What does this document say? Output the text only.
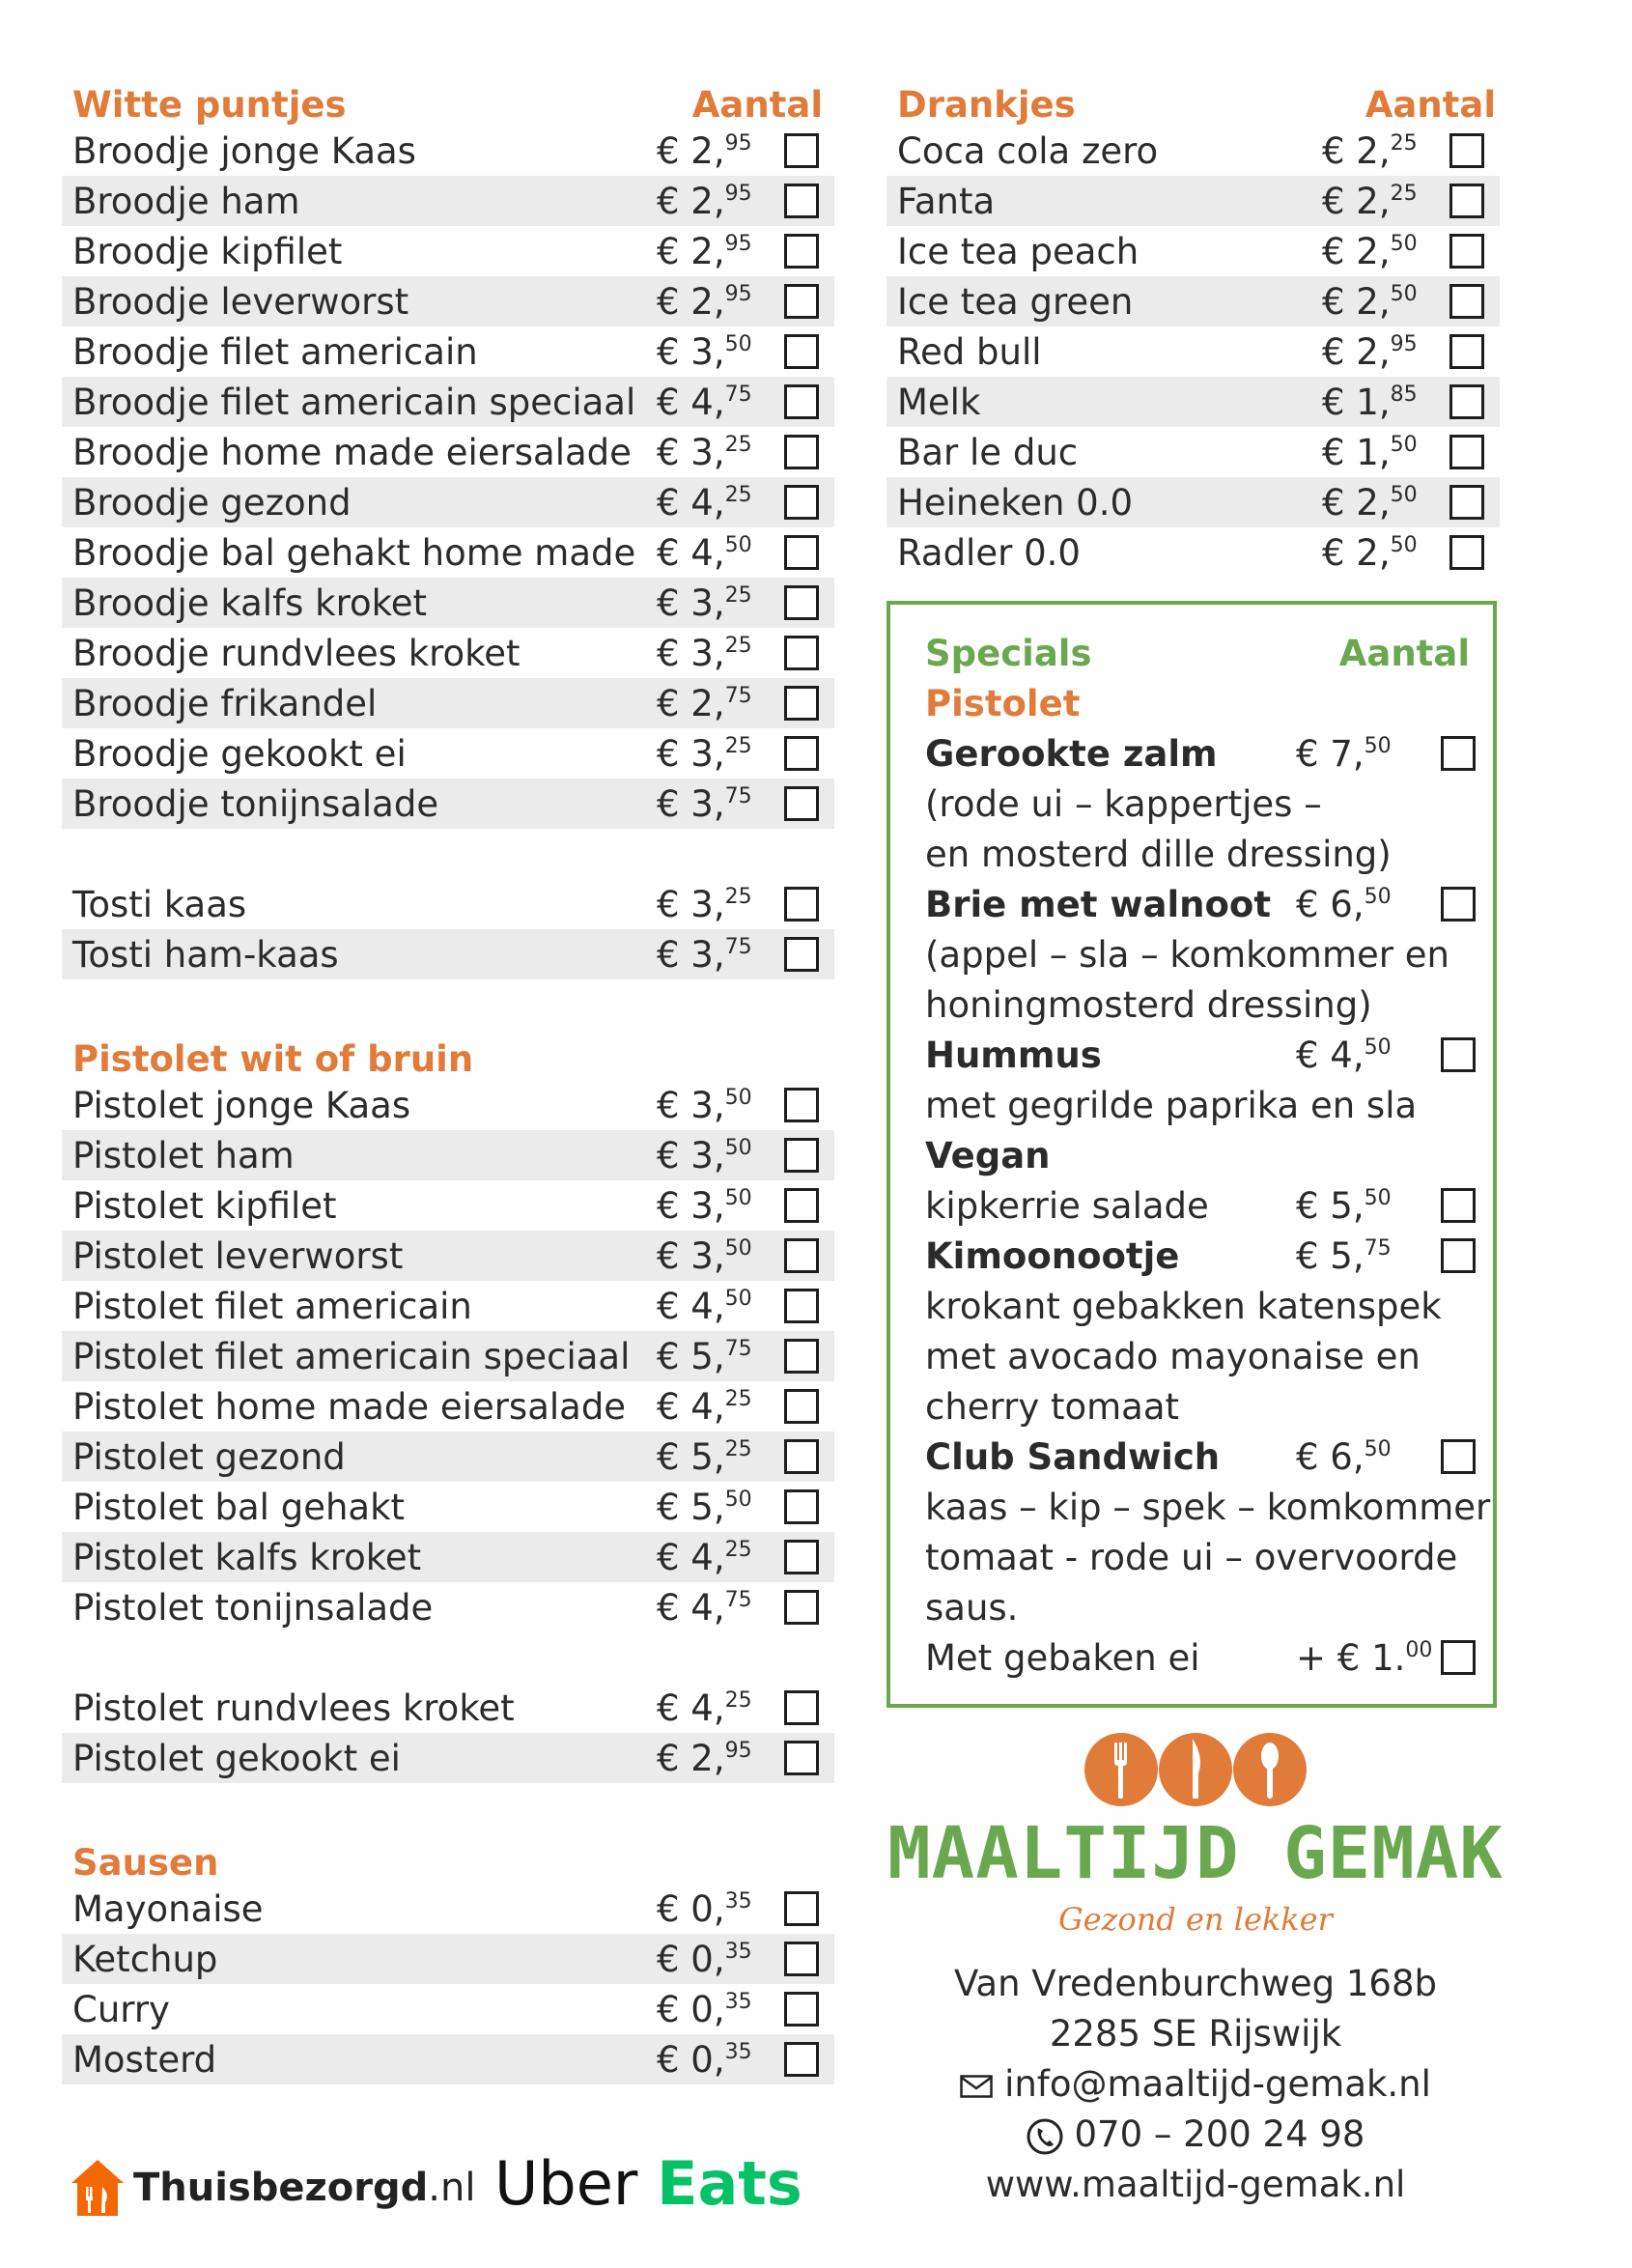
Witte puntjes	Aantal
Broodje jonge Kaas	€ 2,95
Broodje ham	€ 2,95
Broodje kipfilet	€ 2,95
Broodje leverworst	€ 2,95
Broodje filet americain	€ 3,50
Broodje filet americain speciaal € 4,75
Broodje home made eiersalade € 3,25
Broodje gezond	€ 4,25
Broodje bal gehakt home made € 4,50
Broodje kalfs kroket	€ 3,25
Broodje rundvlees kroket	€ 3,25
Broodje frikandel	€ 2,75
Broodje gekookt ei	€ 3,25
Broodje tonijnsalade	€ 3,75
Tosti kaas	€ 3,25
Tosti ham-kaas	€ 3,75
Pistolet wit of bruin
Pistolet jonge Kaas	€ 3,50
Pistolet ham	€ 3,50
Pistolet kipfilet	€ 3,50
Pistolet leverworst	€ 3,50
Pistolet filet americain	€ 4,50
Pistolet filet americain speciaal € 5,75
Pistolet home made eiersalade € 4,25
Pistolet gezond	€ 5,25
Pistolet bal gehakt	€ 5,50
Pistolet kalfs kroket	€ 4,25
Pistolet tonijnsalade	€ 4,75
Pistolet rundvlees kroket	€ 4,25
Pistolet gekookt ei	€ 2,95
Sausen
Mayonaise	€ 0,35
Ketchup	€ 0,35
Curry	€ 0,35
Mosterd	€ 0,35
Drankjes	Aantal
Coca cola zero	€ 2,25
Fanta	€ 2,25
Ice tea peach	€ 2,50
Ice tea green	€ 2,50
Red bull	€ 2,95
Melk	€ 1,85
Bar le duc	€ 1,50
Heineken 0.0	€ 2,50
Radler 0.0	€ 2,50
Specials	Aantal
Pistolet
Gerookte zalm	€ 7,50
(rode ui – kappertjes –
en mosterd dille dressing)
Brie met walnoot € 6,50
(appel – sla – komkommer en
honingmosterd dressing)
Hummus	€ 4,50
met gegrilde paprika en sla
Vegan
kipkerrie salade	€ 5,50
Kimoonootje	€ 5,75
krokant gebakken katenspek
met avocado mayonaise en
cherry tomaat
Club Sandwich	€ 6,50
kaas – kip – spek – komkommer
tomaat - rode ui – overvoorde
saus.
Met gebaken ei	+ € 1.00
MAALTIJD GEMAK
Gezond en lekker
Van Vredenburchweg 168b
2285 SE Rijswijk
info@maaltijd-gemak.nl
070 – 200 24 98
www.maaltijd-gemak.nl
Thuisbezorgd.nl Uber Eats
